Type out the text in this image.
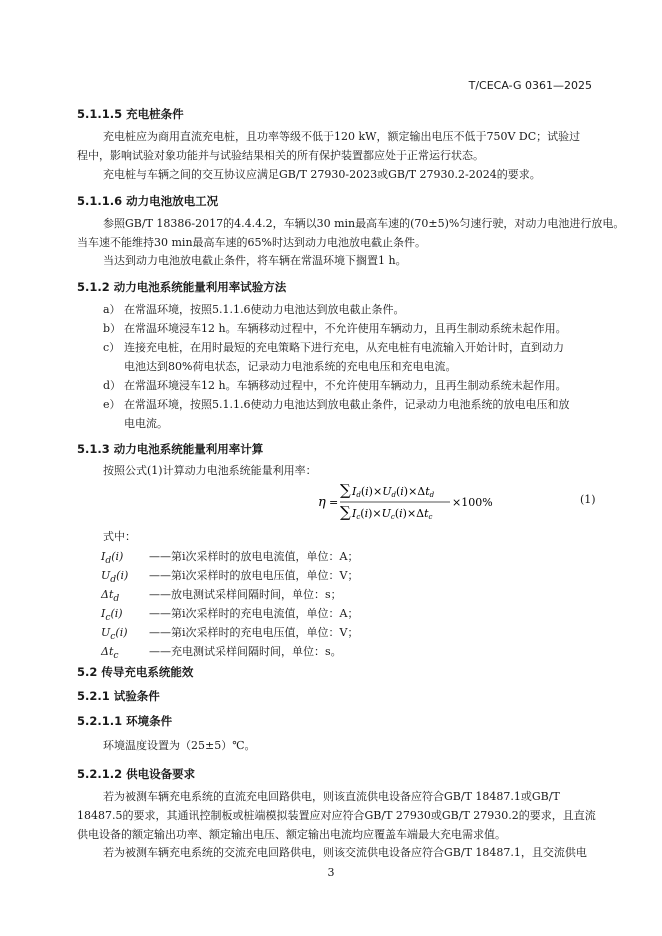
T/CECA-G 0361—2025
5.1.1.5 充电桩条件
充电桩应为商用直流充电桩，且功率等级不低于120 kW，额定输出电压不低于750V DC；试验过
程中，影响试验对象功能并与试验结果相关的所有保护装置都应处于正常运行状态。
充电桩与车辆之间的交互协议应满足GB/T 27930-2023或GB/T 27930.2-2024的要求。
5.1.1.6 动力电池放电工况
参照GB/T 18386-2017的4.4.4.2，车辆以30 min最高车速的(70±5)%匀速行驶，对动力电池进行放电。
当车速不能维持30 min最高车速的65%时达到动力电池放电截止条件。
当达到动力电池放电截止条件，将车辆在常温环境下搁置1 h。
5.1.2 动力电池系统能量利用率试验方法
a） 在常温环境，按照5.1.1.6使动力电池达到放电截止条件。
b） 在常温环境浸车12 h。车辆移动过程中，不允许使用车辆动力，且再生制动系统未起作用。
c） 连接充电桩，在用时最短的充电策略下进行充电，从充电桩有电流输入开始计时，直到动力
电池达到80%荷电状态，记录动力电池系统的充电电压和充电电流。
d） 在常温环境浸车12 h。车辆移动过程中，不允许使用车辆动力，且再生制动系统未起作用。
e） 在常温环境，按照5.1.1.6使动力电池达到放电截止条件，记录动力电池系统的放电电压和放
电电流。
5.1.3 动力电池系统能量利用率计算
按照公式(1)计算动力电池系统能量利用率：
η =
∑ Id(i)×Ud(i)×Δtd
∑ Ic(i)×Uc(i)×Δtc
×100%	(1)
式中：
$I_d(i)$ ——第i次采样时的放电电流值，单位：A；
$U_d(i)$ ——第i次采样时的放电电压值，单位：V；
$\Delta t_d$	——放电测试采样间隔时间，单位：s；
$I_c(i)$ ——第i次采样时的充电电流值，单位：A；
$U_c(i)$ ——第i次采样时的充电电压值，单位：V；
$\Delta t_c$	——充电测试采样间隔时间，单位：s。
5.2 传导充电系统能效
5.2.1 试验条件
5.2.1.1 环境条件
环境温度设置为（25±5）℃。
5.2.1.2 供电设备要求
若为被测车辆充电系统的直流充电回路供电，则该直流供电设备应符合GB/T 18487.1或GB/T
18487.5的要求，其通讯控制板或桩端模拟装置应对应符合GB/T 27930或GB/T 27930.2的要求，且直流
供电设备的额定输出功率、额定输出电压、额定输出电流均应覆盖车端最大充电需求值。
若为被测车辆充电系统的交流充电回路供电，则该交流供电设备应符合GB/T 18487.1，且交流供电
3
